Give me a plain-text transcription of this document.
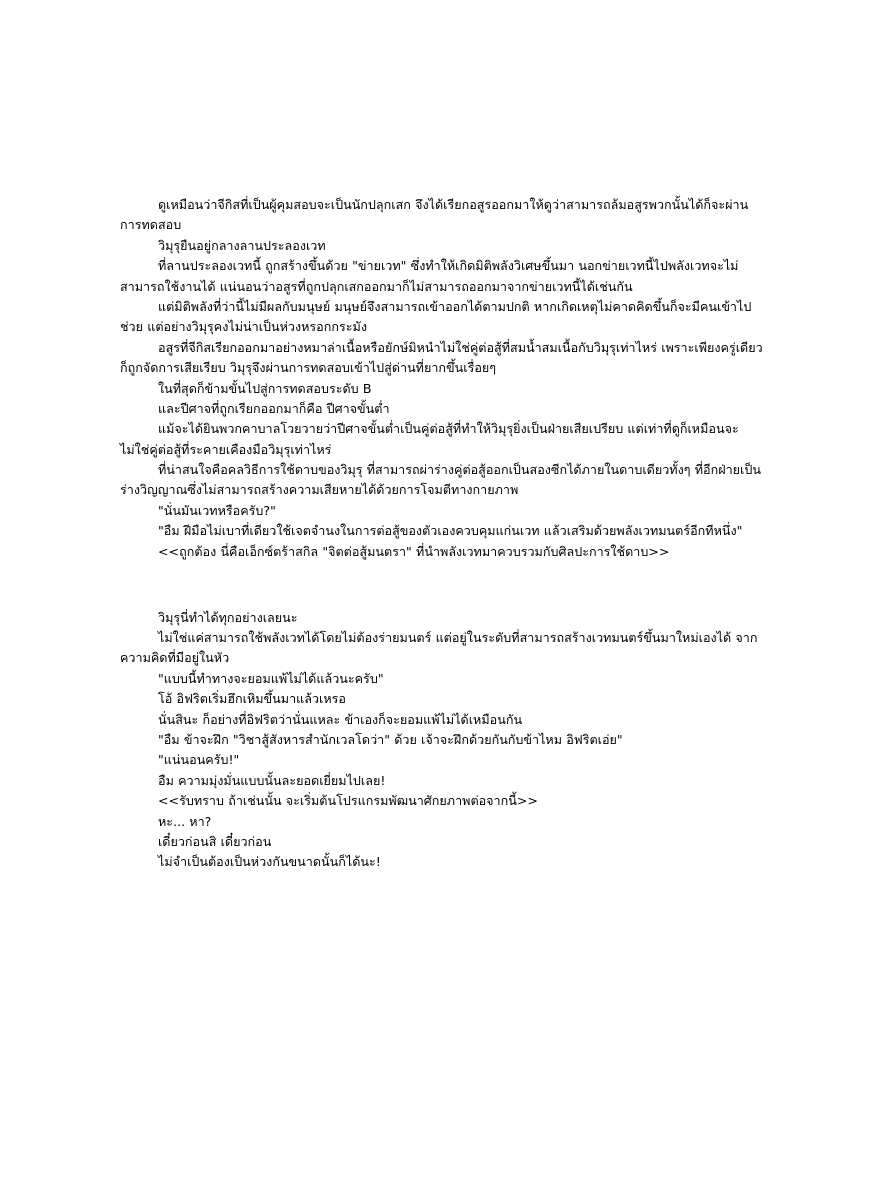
ดูเหมือนว่าจีกิสที่เป็นผู้คุมสอบจะเป็นนักปลุกเสก จึงได้เรียกอสูรออกมาให้ดูว่าสามารถล้มอสูรพวกนั้นได้ก็จะผ่านการทดสอบ

วิมุรุยืนอยู่กลางลานประลองเวท

ที่ลานประลองเวทนี้ ถูกสร้างขึ้นด้วย "ข่ายเวท" ซึ่งทำให้เกิดมิติพลังวิเศษขึ้นมา นอกข่ายเวทนี้ไปพลังเวทจะไม่สามารถใช้งานได้ แน่นอนว่าอสูรที่ถูกปลุกเสกออกมาก็ไม่สามารถออกมาจากข่ายเวทนี้ได้เช่นกัน

แต่มิติพลังที่ว่านี้ไม่มีผลกับมนุษย์ มนุษย์จึงสามารถเข้าออกได้ตามปกติ หากเกิดเหตุไม่คาดคิดขึ้นก็จะมีคนเข้าไปช่วย แต่อย่างวิมุรุคงไม่น่าเป็นห่วงหรอกกระมัง

อสูรที่จีกิสเรียกออกมาอย่างหมาล่าเนื้อหรือยักษ์มิหนำไม่ใช่คู่ต่อสู้ที่สมน้ำสมเนื้อกับวิมุรุเท่าไหร่ เพราะเพียงครู่เดียวก็ถูกจัดการเสียเรียบ วิมุรุจึงผ่านการทดสอบเข้าไปสู่ด่านที่ยากขึ้นเรื่อยๆ

ในที่สุดก็ข้ามขั้นไปสู่การทดสอบระดับ B

และปีศาจที่ถูกเรียกออกมาก็คือ ปีศาจขั้นต่ำ

แม้จะได้ยินพวกคาบาลโวยวายว่าปีศาจขั้นต่ำเป็นคู่ต่อสู้ที่ทำให้วิมุรุยิ่งเป็นฝ่ายเสียเปรียบ แต่เท่าที่ดูก็เหมือนจะไม่ใช่คู่ต่อสู้ที่ระคายเคืองมือวิมุรุเท่าไหร่

ที่น่าสนใจคือคลวิธีการใช้ดาบของวิมุรุ ที่สามารถผ่าร่างคู่ต่อสู้ออกเป็นสองซีกได้ภายในดาบเดียวทั้งๆ ที่อีกฝ่ายเป็นร่างวิญญาณซึ่งไม่สามารถสร้างความเสียหายได้ด้วยการโจมตีทางกายภาพ

"นั่นมันเวทหรือครับ?"

"อืม ฝีมือไม่เบาที่เดียวใช้เจตจำนงในการต่อสู้ของตัวเองควบคุมแก่นเวท แล้วเสริมด้วยพลังเวทมนตร์อีกทีหนึ่ง"

<<ถูกต้อง นี่คือเอ็กซ์ตร้าสกิล "จิตต่อสู้มนตรา" ที่นำพลังเวทมาควบรวมกับศิลปะการใช้ดาบ>>

วิมุรุนี่ทำได้ทุกอย่างเลยนะ

ไม่ใช่แค่สามารถใช้พลังเวทได้โดยไม่ต้องร่ายมนตร์ แต่อยู่ในระดับที่สามารถสร้างเวทมนตร์ขึ้นมาใหม่เองได้ จากความคิดที่มีอยู่ในหัว

"แบบนี้ทำทางจะยอมแพ้ไม่ได้แล้วนะครับ"

โอ้ อิฟริตเริ่มฮึกเหิมขึ้นมาแล้วเหรอ

นั่นสินะ ก็อย่างที่อิฟริตว่านั่นแหละ ข้าเองก็จะยอมแพ้ไม่ได้เหมือนกัน

"อืม ข้าจะฝึก "วิชาสู้สังหารสำนักเวลโดว่า" ด้วย เจ้าจะฝึกด้วยกันกับข้าไหม อิฟริตเอ่ย"

"แน่นอนครับ!"

อืม ความมุ่งมั่นแบบนั้นละยอดเยี่ยมไปเลย!

<<รับทราบ ถ้าเช่นนั้น จะเริ่มต้นโปรแกรมพัฒนาศักยภาพต่อจากนี้>>

หะ... หา?

เดี๋ยวก่อนสิ เดี๋ยวก่อน

ไม่จำเป็นต้องเป็นห่วงกันขนาดนั้นก็ได้นะ!
